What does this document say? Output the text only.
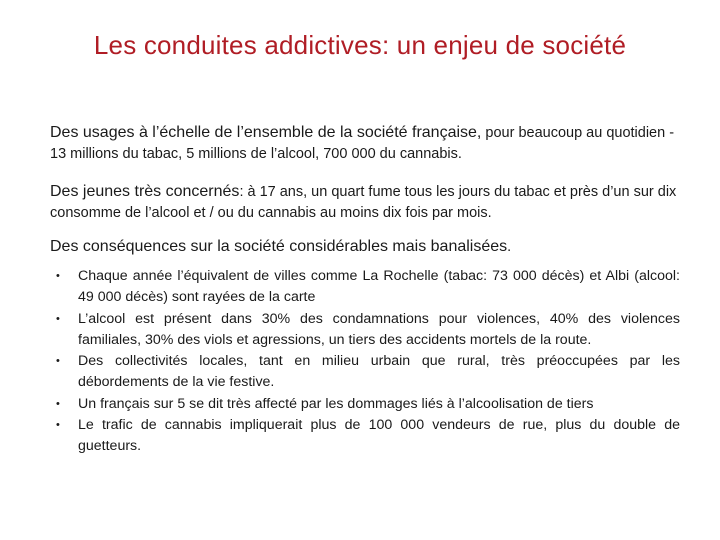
Les conduites addictives: un enjeu de société
Des usages à l’échelle de l’ensemble de la société française, pour beaucoup au quotidien - 13 millions du tabac, 5 millions de l’alcool, 700 000 du cannabis.
Des jeunes très concernés: à 17 ans, un quart fume tous les jours du tabac et près d’un sur dix consomme de l’alcool et / ou du cannabis au moins dix fois par mois.
Des conséquences sur la société considérables mais banalisées.
• Chaque année l’équivalent de villes comme La Rochelle (tabac: 73 000 décès) et Albi (alcool: 49 000 décès) sont rayées de la carte
• L’alcool est présent dans 30% des condamnations pour violences, 40% des violences familiales, 30% des viols et agressions, un tiers des accidents mortels de la route.
• Des collectivités locales, tant en milieu urbain que rural, très préoccupées par les débordements de la vie festive.
• Un français sur 5 se dit très affecté par les dommages liés à l’alcoolisation de tiers
• Le trafic de cannabis impliquerait plus de 100 000 vendeurs de rue, plus du double de guetteurs.
